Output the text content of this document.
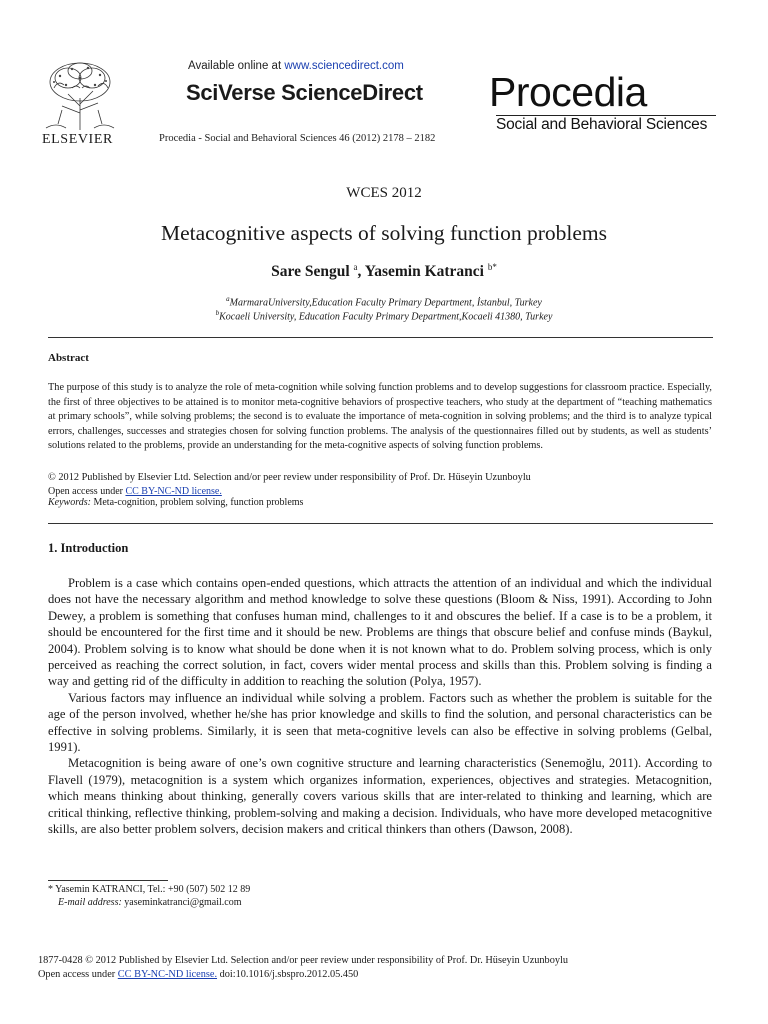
ELSEVIER
Available online at www.sciencedirect.com
SciVerse ScienceDirect
Procedia - Social and Behavioral Sciences 46 (2012) 2178 – 2182
Procedia
Social and Behavioral Sciences
WCES 2012
Metacognitive aspects of solving function problems
Sare Sengul $^a$, Yasemin Katranci $^{b*}$
$^a$MarmaraUniversity,Education Faculty Primary Department, İstanbul, Turkey
$^b$Kocaeli University, Education Faculty Primary Department,Kocaeli 41380, Turkey
Abstract

The purpose of this study is to analyze the role of meta-cognition while solving function problems and to develop suggestions for classroom practice. Especially, the first of three objectives to be attained is to monitor meta-cognitive behaviors of prospective teachers, who study at the department of “teaching mathematics at primary schools”, while solving problems; the second is to evaluate the importance of meta-cognition in solving problems; and the third is to analyze typical errors, challenges, successes and strategies chosen for solving function problems. The analysis of the questionnaires filled out by students, as well as students’ solutions related to the problems, provide an understanding for the meta-cognitive aspects of solving function problems.

© 2012 Published by Elsevier Ltd. Selection and/or peer review under responsibility of Prof. Dr. Hüseyin Uzunboylu
Open access under CC BY-NC-ND license.
Keywords: Meta-cognition, problem solving, function problems
1. Introduction

Problem is a case which contains open-ended questions, which attracts the attention of an individual and which the individual does not have the necessary algorithm and method knowledge to solve these questions (Bloom & Niss, 1991). According to John Dewey, a problem is something that confuses human mind, challenges to it and obscures the belief. If a case is to be a problem, it should be encountered for the first time and it should be new. Problems are things that obscure belief and confuse minds (Baykul, 2004). Problem solving is to know what should be done when it is not known what to do. Problem solving process, which is only perceived as reaching the correct solution, in fact, covers wider mental process and skills than this. Problem solving is finding a way and getting rid of the difficulty in addition to reaching the solution (Polya, 1957).

Various factors may influence an individual while solving a problem. Factors such as whether the problem is suitable for the age of the person involved, whether he/she has prior knowledge and skills to find the solution, and personal characteristics can be effective in solving problems. Similarly, it is seen that meta-cognitive levels can also be effective in solving problems (Gelbal, 1991).

Metacognition is being aware of one’s own cognitive structure and learning characteristics (Senemoğlu, 2011). According to Flavell (1979), metacognition is a system which organizes information, experiences, objectives and strategies. Metacognition, which means thinking about thinking, generally covers various skills that are inter-related to thinking and learning, which are critical thinking, reflective thinking, problem-solving and making a decision. Individuals, who have more developed metacognitive skills, are also better problem solvers, decision makers and critical thinkers than others (Dawson, 2008).

* Yasemin KATRANCI, Tel.: +90 (507) 502 12 89
E-mail address: yaseminkatranci@gmail.com
1877-0428 © 2012 Published by Elsevier Ltd. Selection and/or peer review under responsibility of Prof. Dr. Hüseyin Uzunboylu
Open access under CC BY-NC-ND license. doi:10.1016/j.sbspro.2012.05.450
